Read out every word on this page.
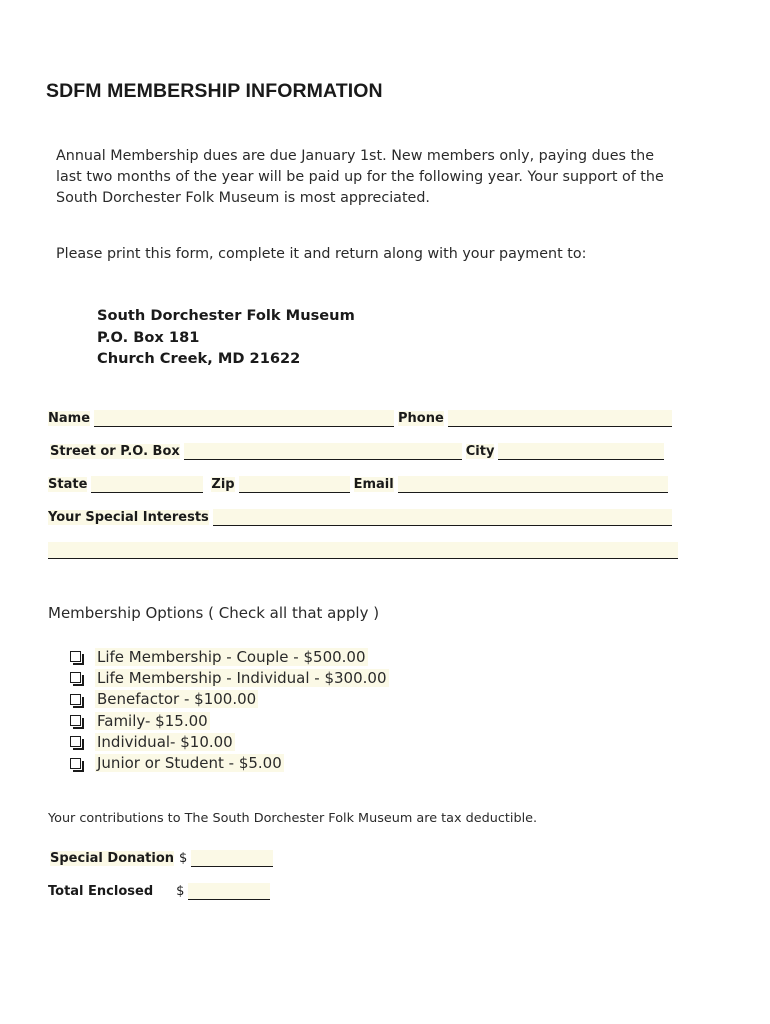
SDFM MEMBERSHIP INFORMATION

Annual Membership dues are due January 1st. New members only, paying dues the

last two months of the year will be paid up for the following year. Your support of the

South Dorchester Folk Museum is most appreciated.

Please print this form, complete it and return along with your payment to:
South Dorchester Folk Museum
P.O. Box 181
Church Creek, MD 21622
Name	Phone
Street or P.O. Box	City
State	Zip	Email
Your Special Interests
Membership Options ( Check all that apply )
Life Membership - Couple - $500.00
Life Membership - Individual - $300.00
Benefactor - $100.00
Family- $15.00
Individual- $10.00
Junior or Student - $5.00
Your contributions to The South Dorchester Folk Museum are tax deductible.
Special Donation $
Total Enclosed $
